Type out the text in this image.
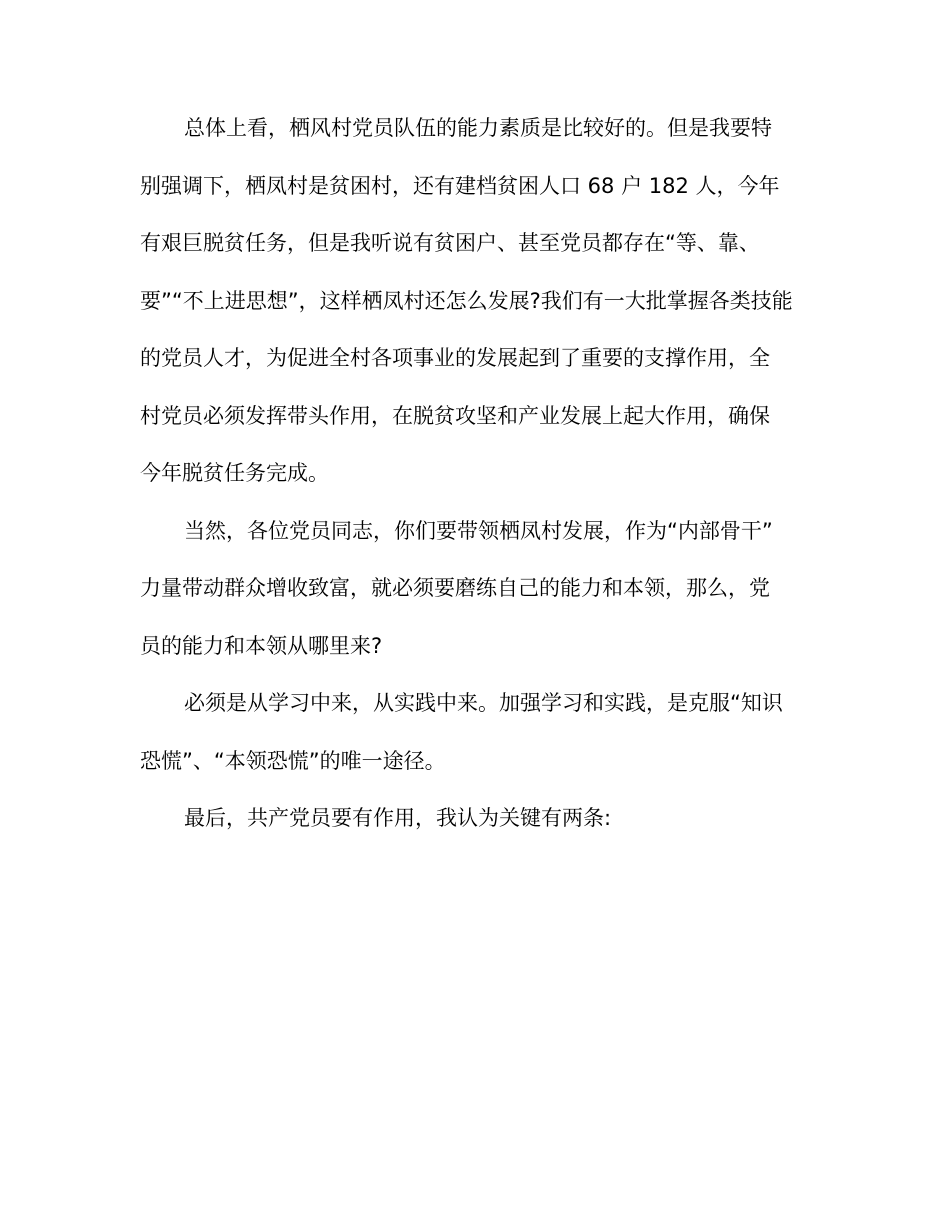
总体上看，栖风村党员队伍的能力素质是比较好的。但是我要特
别强调下，栖凤村是贫困村，还有建档贫困人口 68 户 182 人，今年
有艰巨脱贫任务，但是我听说有贫困户、甚至党员都存在“等、靠、
要”“不上进思想”，这样栖凤村还怎么发展?我们有一大批掌握各类技能
的党员人才，为促进全村各项事业的发展起到了重要的支撑作用，全
村党员必须发挥带头作用，在脱贫攻坚和产业发展上起大作用，确保
今年脱贫任务完成。
当然，各位党员同志，你们要带领栖凤村发展，作为“内部骨干”
力量带动群众增收致富，就必须要磨练自己的能力和本领，那么，党
员的能力和本领从哪里来?
必须是从学习中来，从实践中来。加强学习和实践，是克服“知识
恐慌”、“本领恐慌”的唯一途径。
最后，共产党员要有作用，我认为关键有两条:
